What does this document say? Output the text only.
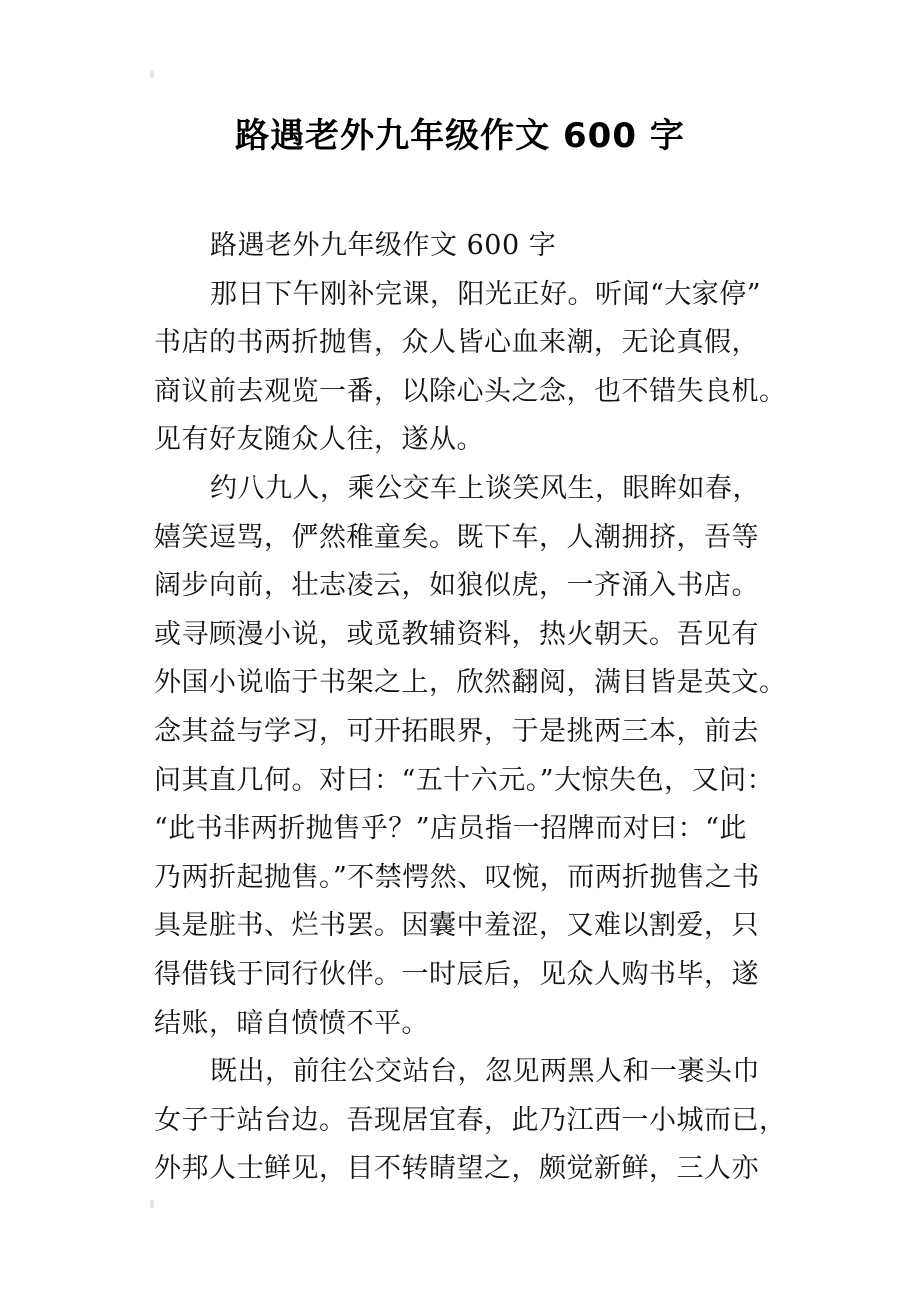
路遇老外九年级作文 600 字
路遇老外九年级作文 600 字
那日下午刚补完课，阳光正好。听闻“大家停”
书店的书两折抛售，众人皆心血来潮，无论真假，
商议前去观览一番，以除心头之念，也不错失良机。
见有好友随众人往，遂从。
约八九人，乘公交车上谈笑风生，眼眸如春，
嬉笑逗骂，俨然稚童矣。既下车，人潮拥挤，吾等
阔步向前，壮志凌云，如狼似虎，一齐涌入书店。
或寻顾漫小说，或觅教辅资料，热火朝天。吾见有
外国小说临于书架之上，欣然翻阅，满目皆是英文。
念其益与学习，可开拓眼界，于是挑两三本，前去
问其直几何。对曰：“五十六元。”大惊失色，又问：
“此书非两折抛售乎？”店员指一招牌而对曰：“此
乃两折起抛售。”不禁愕然、叹惋，而两折抛售之书
具是脏书、烂书罢。因囊中羞涩，又难以割爱，只
得借钱于同行伙伴。一时辰后，见众人购书毕，遂
结账，暗自愤愤不平。
既出，前往公交站台，忽见两黑人和一裹头巾
女子于站台边。吾现居宜春，此乃江西一小城而已，
外邦人士鲜见，目不转睛望之，颇觉新鲜，三人亦
